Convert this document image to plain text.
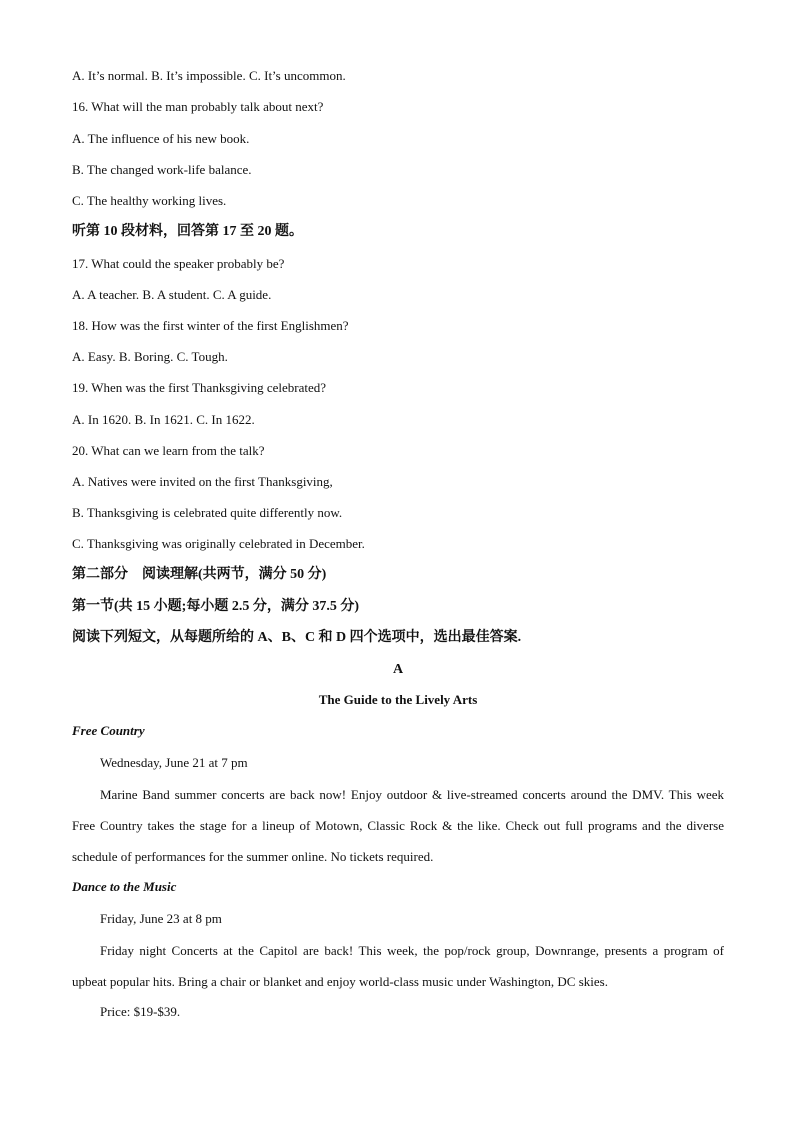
A. It’s normal. B. It’s impossible. C. It’s uncommon.
16. What will the man probably talk about next?
A. The influence of his new book.
B. The changed work-life balance.
C. The healthy working lives.
听第 10 段材料，回答第 17 至 20 题。
17. What could the speaker probably be?
A. A teacher. B. A student. C. A guide.
18. How was the first winter of the first Englishmen?
A. Easy. B. Boring. C. Tough.
19. When was the first Thanksgiving celebrated?
A. In 1620. B. In 1621. C. In 1622.
20. What can we learn from the talk?
A. Natives were invited on the first Thanksgiving,
B. Thanksgiving is celebrated quite differently now.
C. Thanksgiving was originally celebrated in December.
第二部分　阅读理解(共两节，满分 50 分)
第一节(共 15 小题;每小题 2.5 分，满分 37.5 分)
阅读下列短文，从每题所给的 A、B、C 和 D 四个选项中，选出最佳答案.
A
The Guide to the Lively Arts
Free Country
Wednesday, June 21 at 7 pm
Marine Band summer concerts are back now! Enjoy outdoor & live-streamed concerts around the DMV. This week Free Country takes the stage for a lineup of Motown, Classic Rock & the like. Check out full programs and the diverse schedule of performances for the summer online. No tickets required.
Dance to the Music
Friday, June 23 at 8 pm
Friday night Concerts at the Capitol are back! This week, the pop/rock group, Downrange, presents a program of upbeat popular hits. Bring a chair or blanket and enjoy world-class music under Washington, DC skies.
Price: $19-$39.
